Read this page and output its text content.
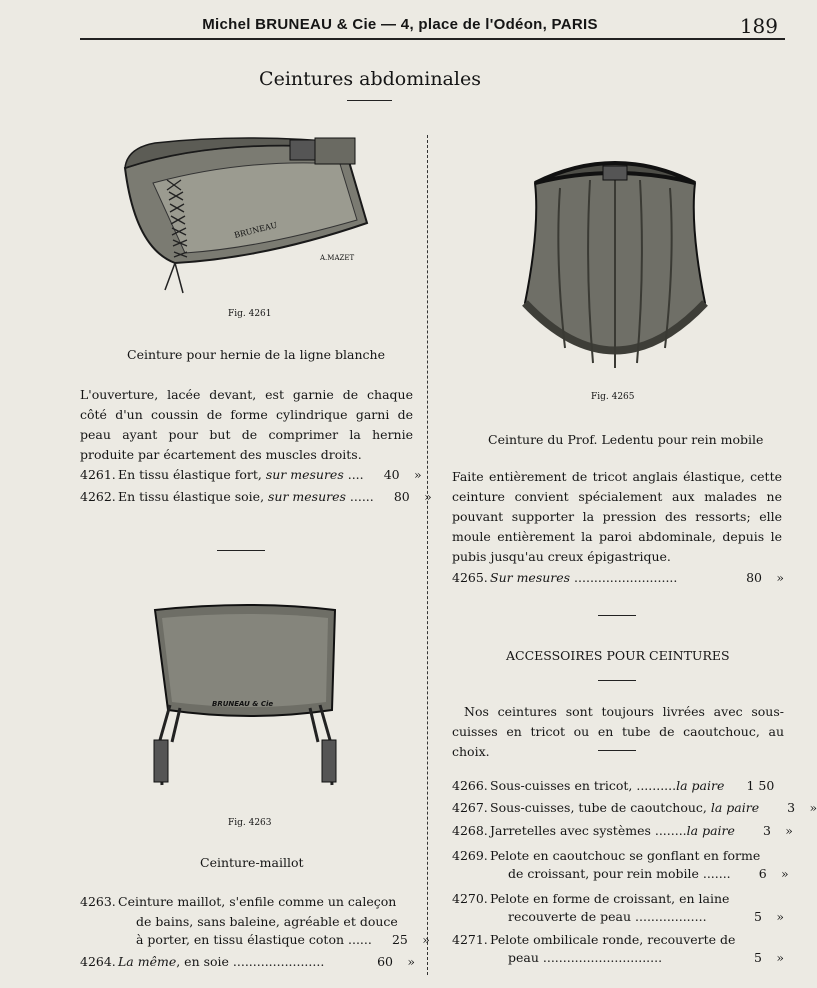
Michel BRUNEAU & Cie — 4, place de l'Odéon, PARIS	189
Ceintures abdominales
BRUNEAU
A.MAZET
Fig. 4261
Ceinture pour hernie de la ligne blanche
L'ouverture, lacée devant, est garnie de chaque côté d'un coussin de forme cylindrique garni de peau ayant pour but de comprimer la hernie produite par écartement des muscles droits.
4261. En tissu élastique fort, sur mesures ....	40	»
4262. En tissu élastique soie, sur mesures ......	80	»
BRUNEAU & Cie
Fig. 4263
Ceinture-maillot
4263. Ceinture maillot, s'enfile comme un caleçon
de bains, sans baleine, agréable et douce
à porter, en tissu élastique coton ......	25	»
4264. La même, en soie .......................	60	»
Fig. 4265
Ceinture du Prof. Ledentu pour rein mobile
Faite entièrement de tricot anglais élastique, cette ceinture convient spécialement aux malades ne pouvant supporter la pression des ressorts; elle moule entièrement la paroi abdominale, depuis le pubis jusqu'au creux épigastrique.
4265. Sur mesures ..........................	80	»
ACCESSOIRES POUR CEINTURES
Nos ceintures sont toujours livrées avec sous-cuisses en tricot ou en tube de caoutchouc, au choix.
4266. Sous-cuisses en tricot, ..........la paire	1 50
4267. Sous-cuisses, tube de caoutchouc, la paire	3	»
4268. Jarretelles avec systèmes ........la paire	3	»
4269. Pelote en caoutchouc se gonflant en forme
de croissant, pour rein mobile .......	6	»
4270. Pelote en forme de croissant, en laine
recouverte de peau ..................	5	»
4271. Pelote ombilicale ronde, recouverte de
peau ..............................	5	»
